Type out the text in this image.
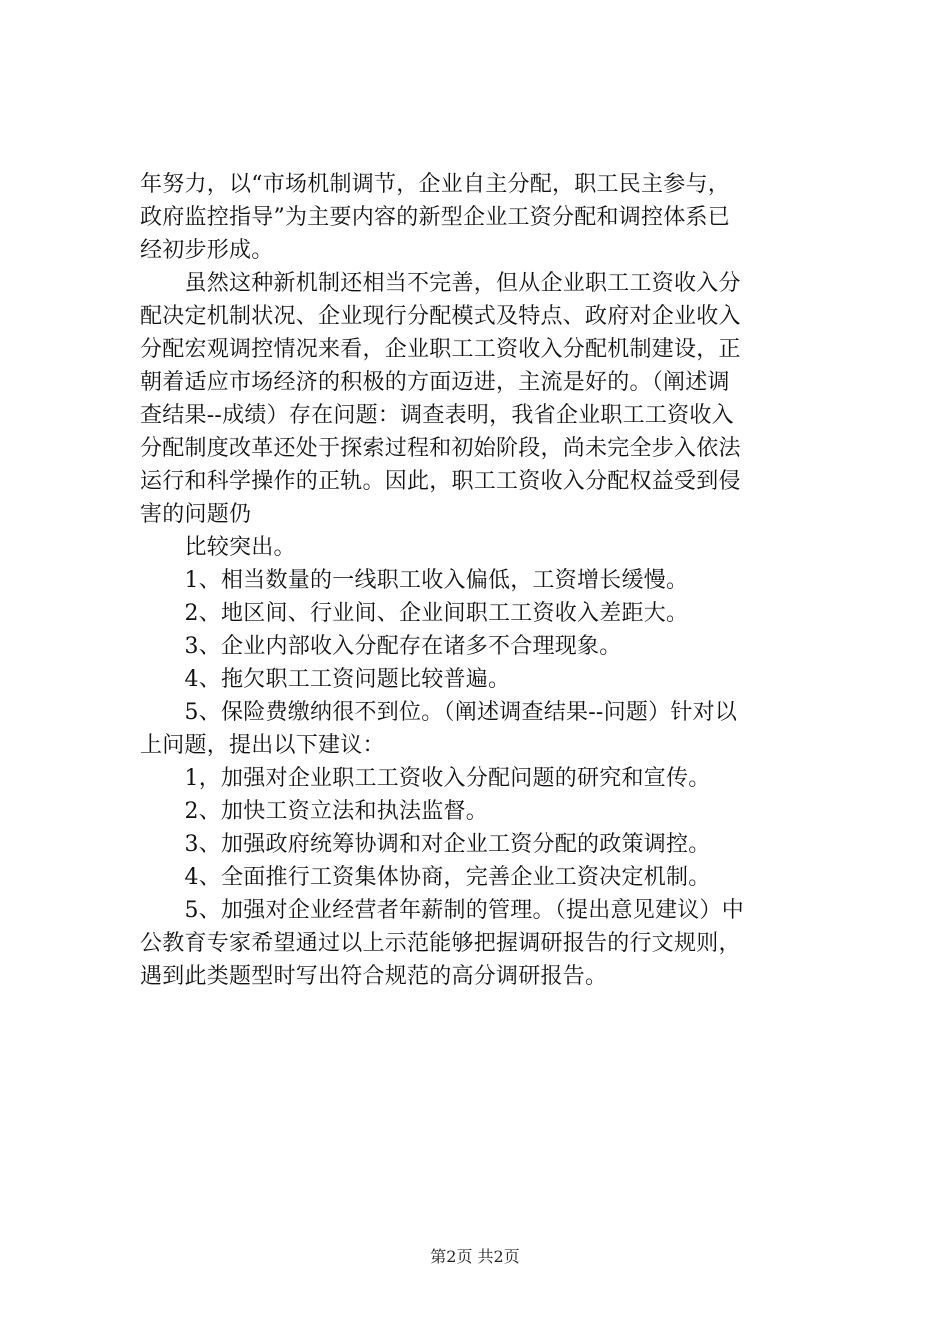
年努力，以“市场机制调节，企业自主分配，职工民主参与，
政府监控指导”为主要内容的新型企业工资分配和调控体系已
经初步形成。
　　虽然这种新机制还相当不完善，但从企业职工工资收入分
配决定机制状况、企业现行分配模式及特点、政府对企业收入
分配宏观调控情况来看，企业职工工资收入分配机制建设，正
朝着适应市场经济的积极的方面迈进，主流是好的。（阐述调
查结果--成绩）存在问题：调查表明，我省企业职工工资收入
分配制度改革还处于探索过程和初始阶段，尚未完全步入依法
运行和科学操作的正轨。因此，职工工资收入分配权益受到侵
害的问题仍
　　比较突出。
　　1、相当数量的一线职工收入偏低，工资增长缓慢。
　　2、地区间、行业间、企业间职工工资收入差距大。
　　3、企业内部收入分配存在诸多不合理现象。
　　4、拖欠职工工资问题比较普遍。
　　5、保险费缴纳很不到位。（阐述调查结果--问题）针对以
上问题，提出以下建议：
　　1，加强对企业职工工资收入分配问题的研究和宣传。
　　2、加快工资立法和执法监督。
　　3、加强政府统筹协调和对企业工资分配的政策调控。
　　4、全面推行工资集体协商，完善企业工资决定机制。
　　5、加强对企业经营者年薪制的管理。（提出意见建议）中
公教育专家希望通过以上示范能够把握调研报告的行文规则，
遇到此类题型时写出符合规范的高分调研报告。
第2页 共2页
